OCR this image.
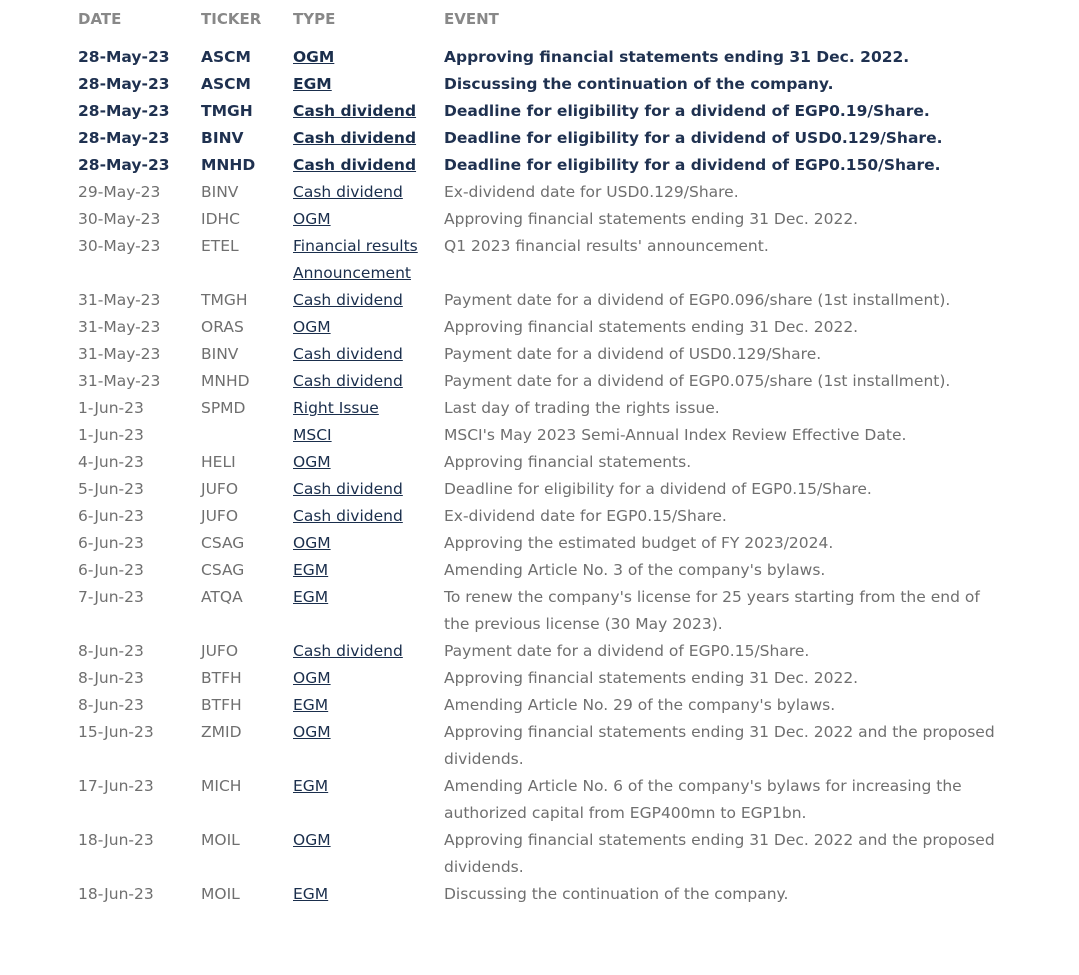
DATE	TICKER	TYPE	EVENT
28-May-23	ASCM	OGM	Approving financial statements ending 31 Dec. 2022.
28-May-23	ASCM	EGM	Discussing the continuation of the company.
28-May-23	TMGH	Cash dividend	Deadline for eligibility for a dividend of EGP0.19/Share.
28-May-23	BINV	Cash dividend	Deadline for eligibility for a dividend of USD0.129/Share.
28-May-23	MNHD	Cash dividend	Deadline for eligibility for a dividend of EGP0.150/Share.
29-May-23	BINV	Cash dividend	Ex-dividend date for USD0.129/Share.
30-May-23	IDHC	OGM	Approving financial statements ending 31 Dec. 2022.
30-May-23	ETEL	Financial results Announcement	Q1 2023 financial results' announcement.
31-May-23	TMGH	Cash dividend	Payment date for a dividend of EGP0.096/share (1st installment).
31-May-23	ORAS	OGM	Approving financial statements ending 31 Dec. 2022.
31-May-23	BINV	Cash dividend	Payment date for a dividend of USD0.129/Share.
31-May-23	MNHD	Cash dividend	Payment date for a dividend of EGP0.075/share (1st installment).
1-Jun-23	SPMD	Right Issue	Last day of trading the rights issue.
1-Jun-23		MSCI	MSCI's May 2023 Semi-Annual Index Review Effective Date.
4-Jun-23	HELI	OGM	Approving financial statements.
5-Jun-23	JUFO	Cash dividend	Deadline for eligibility for a dividend of EGP0.15/Share.
6-Jun-23	JUFO	Cash dividend	Ex-dividend date for EGP0.15/Share.
6-Jun-23	CSAG	OGM	Approving the estimated budget of FY 2023/2024.
6-Jun-23	CSAG	EGM	Amending Article No. 3 of the company's bylaws.
7-Jun-23	ATQA	EGM	To renew the company's license for 25 years starting from the end of the previous license (30 May 2023).
8-Jun-23	JUFO	Cash dividend	Payment date for a dividend of EGP0.15/Share.
8-Jun-23	BTFH	OGM	Approving financial statements ending 31 Dec. 2022.
8-Jun-23	BTFH	EGM	Amending Article No. 29 of the company's bylaws.
15-Jun-23	ZMID	OGM	Approving financial statements ending 31 Dec. 2022 and the proposed dividends.
17-Jun-23	MICH	EGM	Amending Article No. 6 of the company's bylaws for increasing the authorized capital from EGP400mn to EGP1bn.
18-Jun-23	MOIL	OGM	Approving financial statements ending 31 Dec. 2022 and the proposed dividends.
18-Jun-23	MOIL	EGM	Discussing the continuation of the company.
